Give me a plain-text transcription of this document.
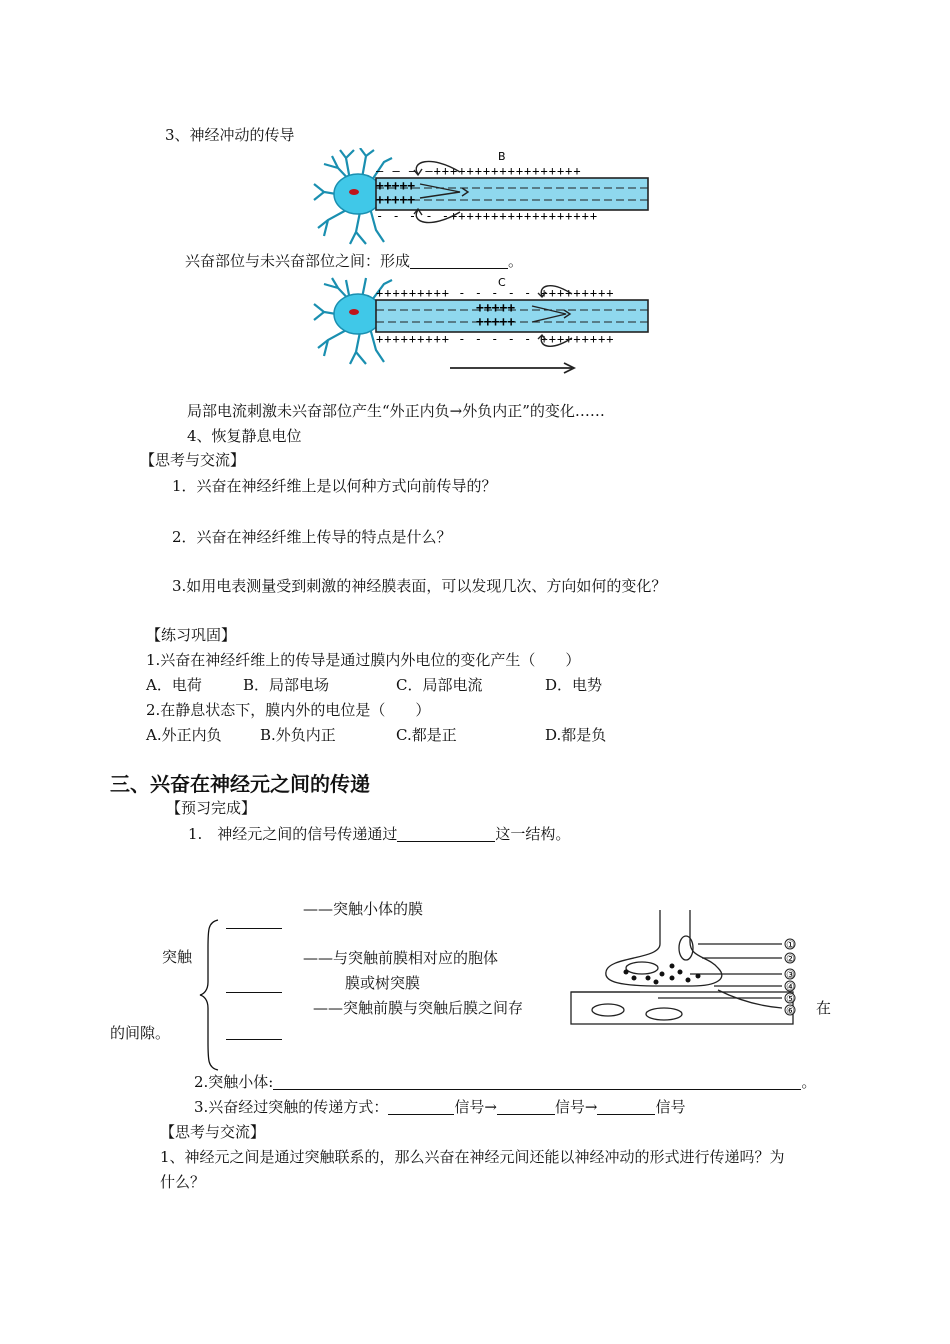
3、神经冲动的传导
B
— — — —++++++++++++++++++
+++++
+++++
- - - - -++++++++++++++++++
兴奋部位与未兴奋部位之间：形成	。
C
+++++++++ - - - - - +++++++++
+++++
+++++
+++++++++ - - - - - +++++++++
局部电流刺激未兴奋部位产生“外正内负→外负内正”的变化……
4、恢复静息电位
【思考与交流】
1．兴奋在神经纤维上是以何种方式向前传导的？
2．兴奋在神经纤维上传导的特点是什么？
3.如用电表测量受到刺激的神经膜表面，可以发现几次、方向如何的变化？
【练习巩固】
1.兴奋在神经纤维上的传导是通过膜内外电位的变化产生（　　）
A．电荷	B．局部电场	C．局部电流	D．电势
2.在静息状态下，膜内外的电位是（　　）
A.外正内负	B.外负内正	C.都是正	D.都是负
三、兴奋在神经元之间的传递
【预习完成】
1.　神经元之间的信号传递通过	这一结构。
突触
——突触小体的膜
——与突触前膜相对应的胞体
膜或树突膜
——突触前膜与突触后膜之间存	在
的间隙。
①
②
③
④
⑤
⑥
2.突触小体:	。
3.兴奋经过突触的传递方式：	信号→	信号→	信号
【思考与交流】
1、神经元之间是通过突触联系的，那么兴奋在神经元间还能以神经冲动的形式进行传递吗？为
什么？
